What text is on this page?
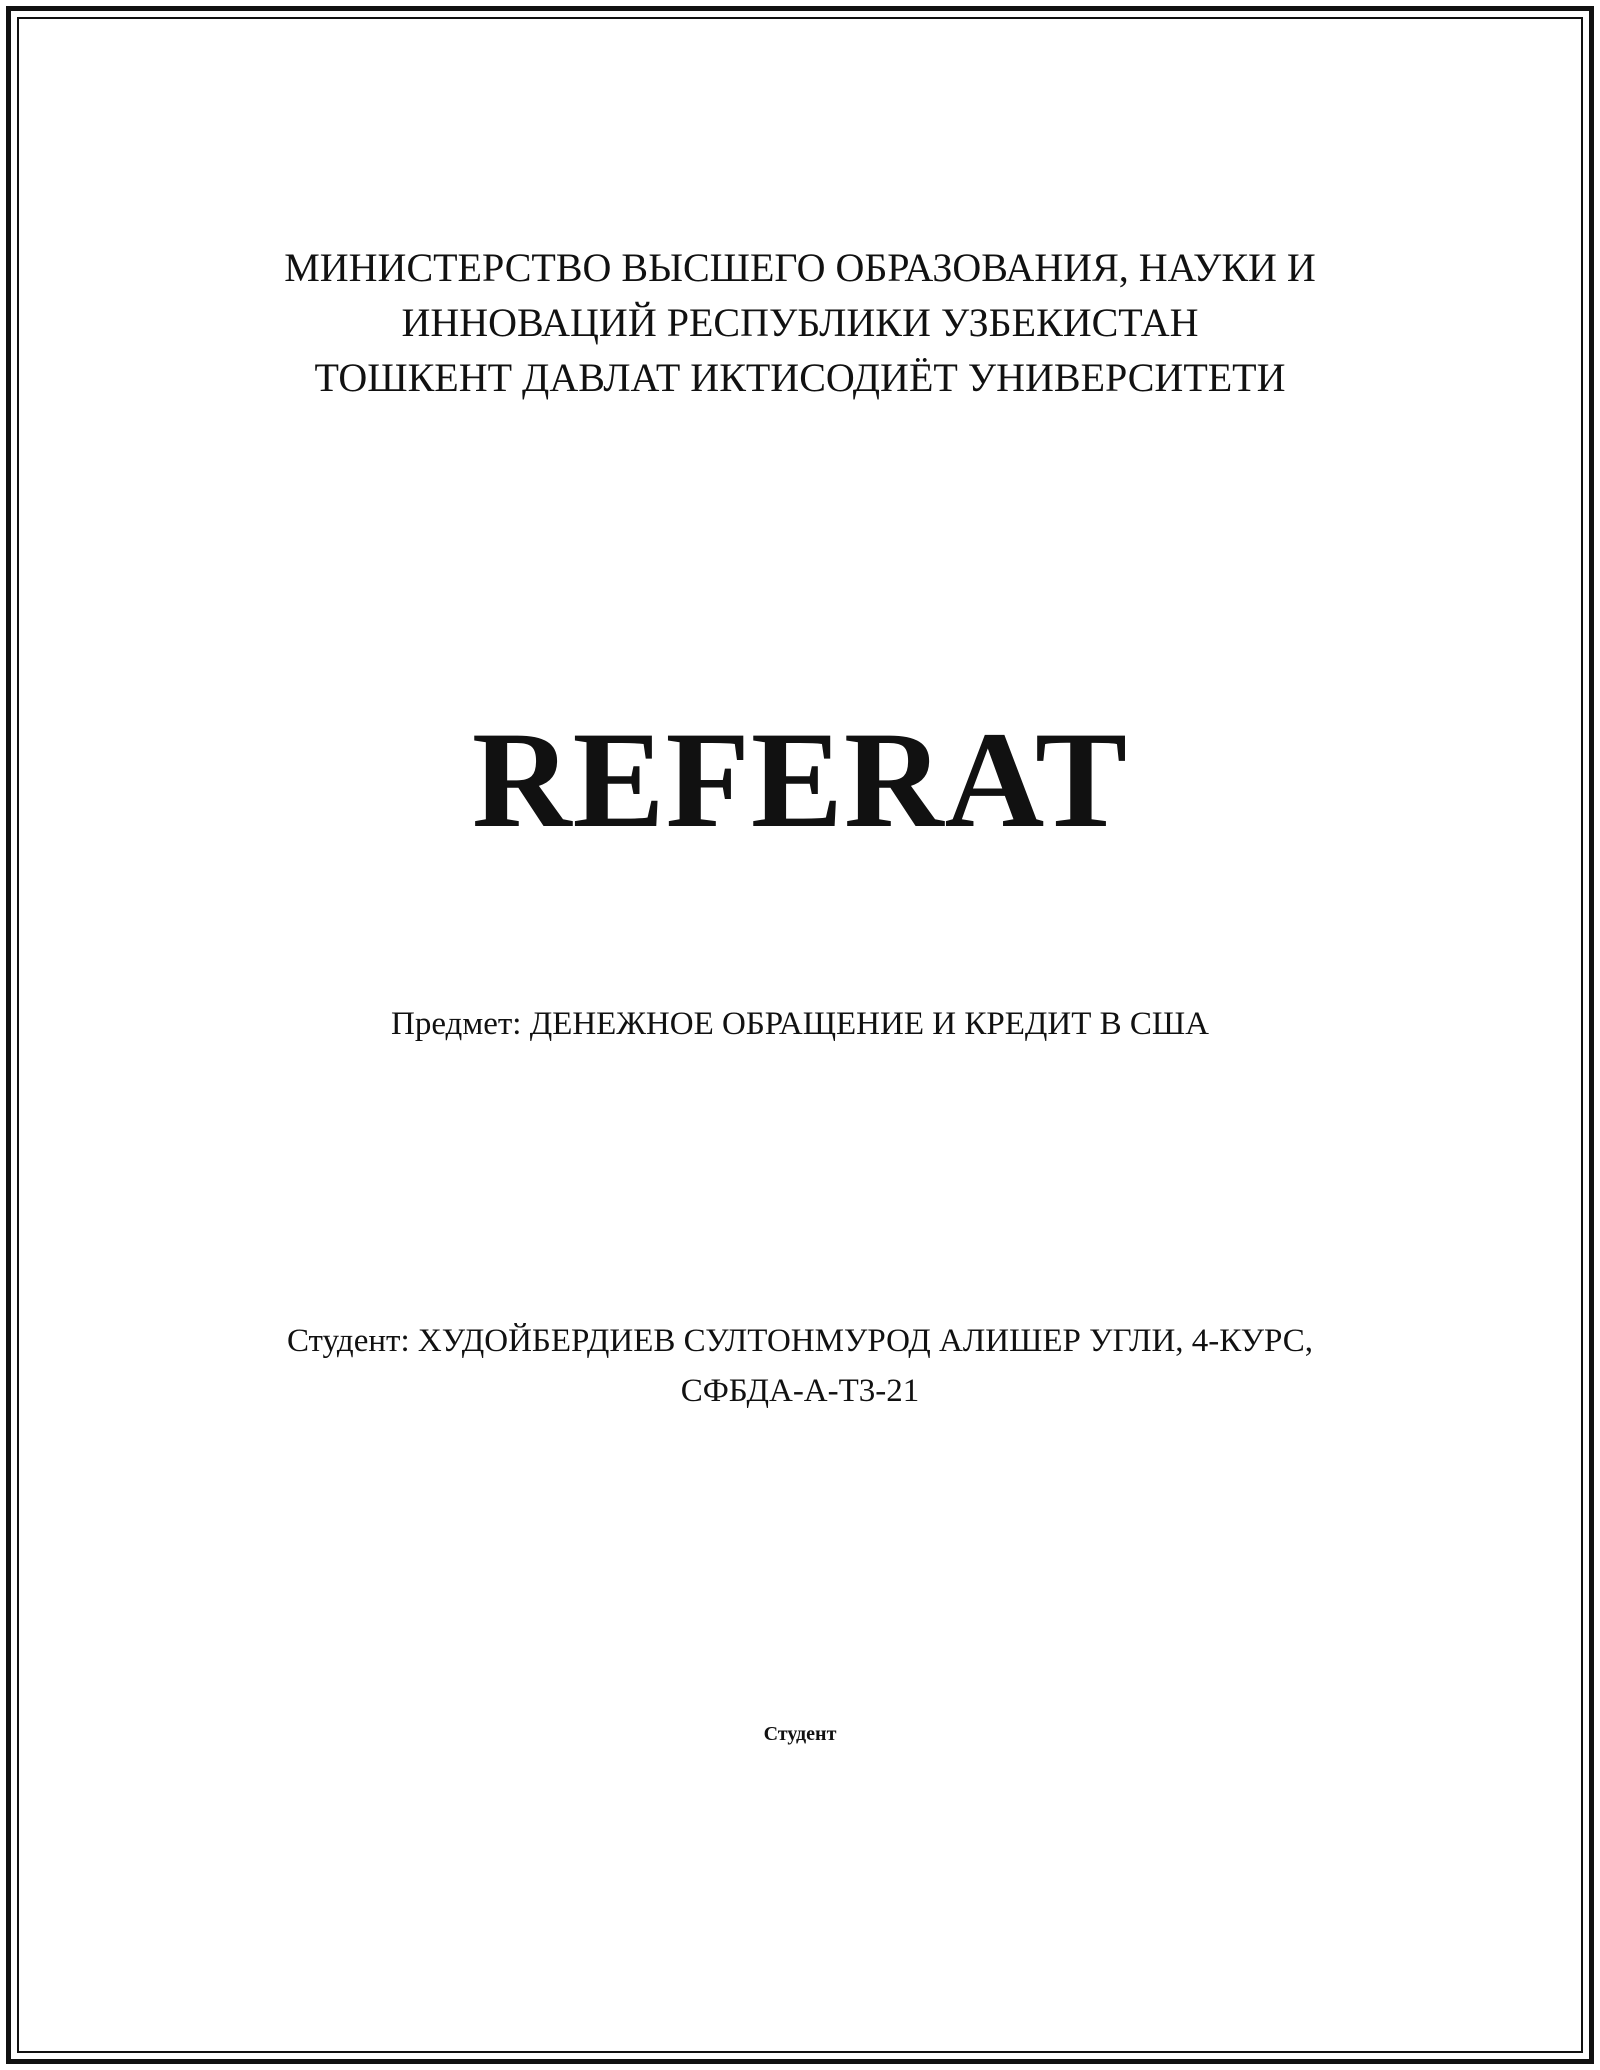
МИНИСТЕРСТВО ВЫСШЕГО ОБРАЗОВАНИЯ, НАУКИ И
ИННОВАЦИЙ РЕСПУБЛИКИ УЗБЕКИСТАН
ТОШКЕНТ ДАВЛАТ ИКТИСОДИЁТ УНИВЕРСИТЕТИ
REFERAT
Предмет: ДЕНЕЖНОЕ ОБРАЩЕНИЕ И КРЕДИТ В США
Студент: ХУДОЙБЕРДИЕВ СУЛТОНМУРОД АЛИШЕР УГЛИ, 4-КУРС, СФБДА-А-Т3-21
Студент
